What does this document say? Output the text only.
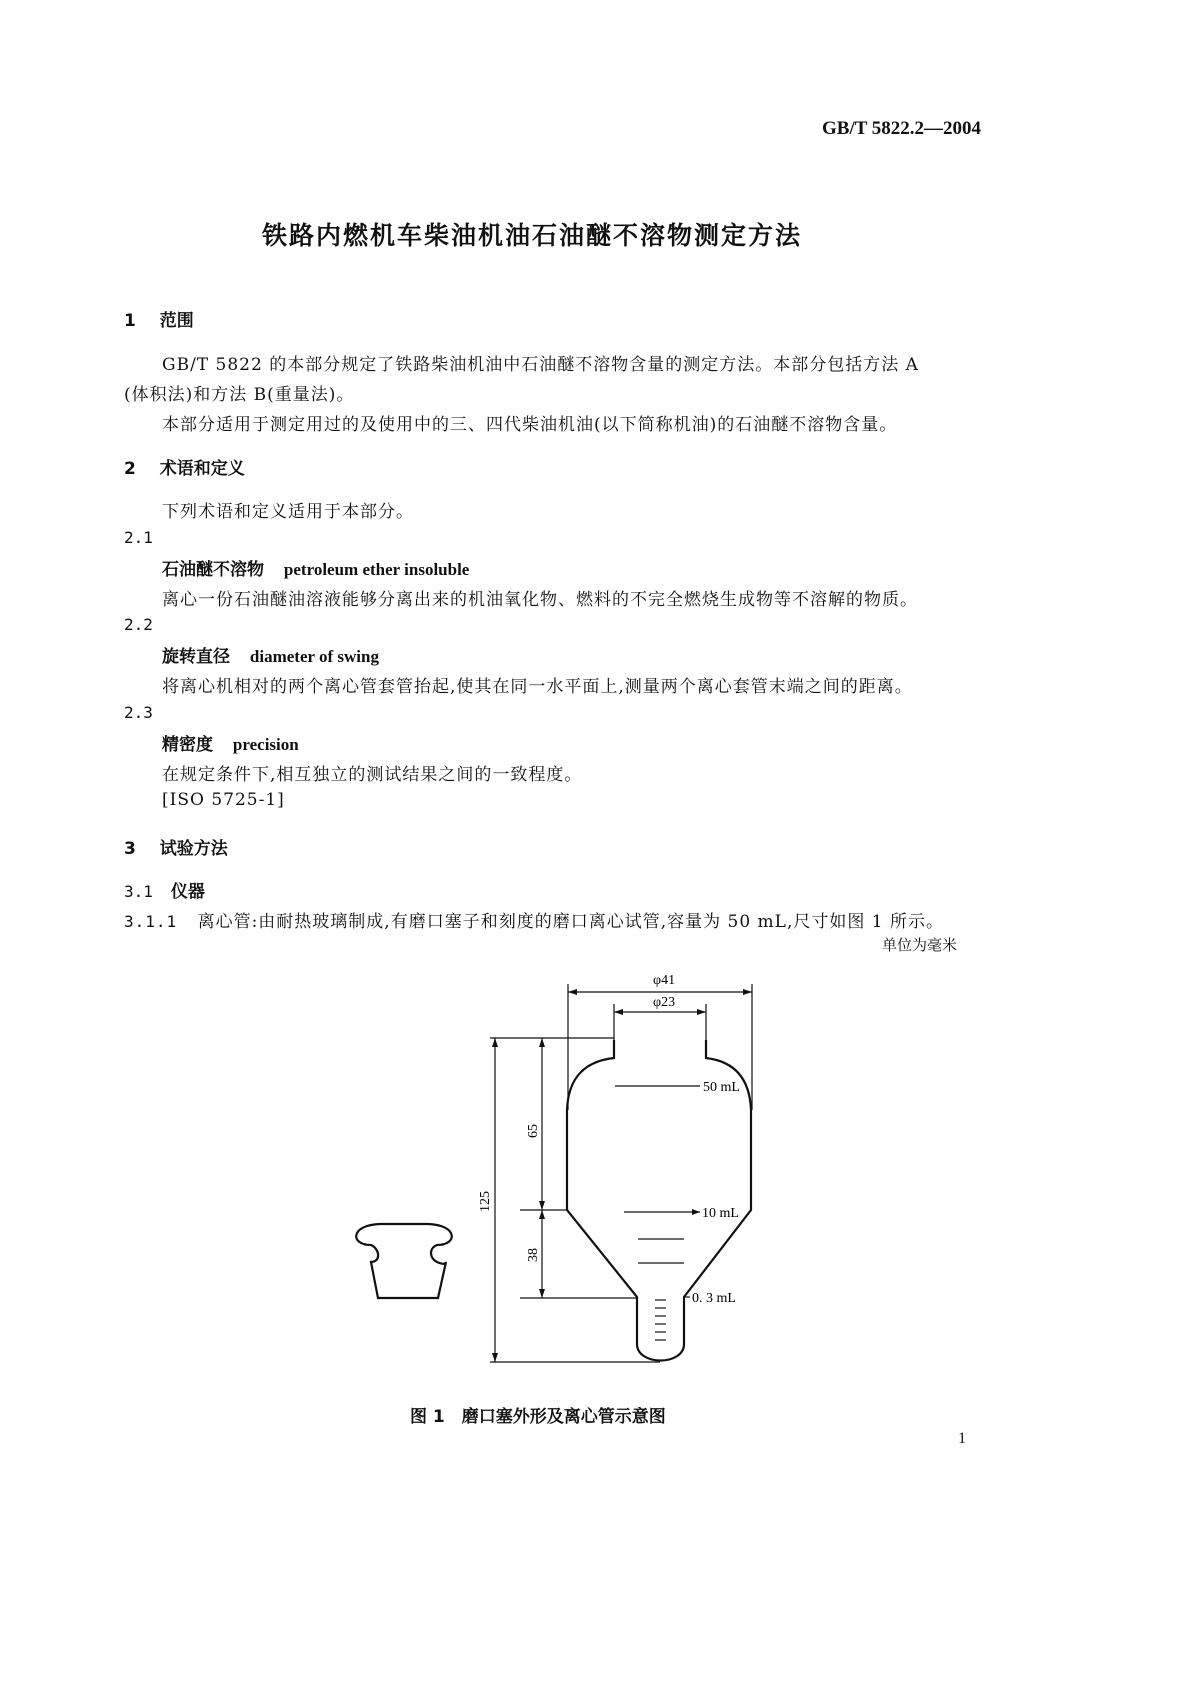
GB/T 5822.2—2004
铁路内燃机车柴油机油石油醚不溶物测定方法
1 范围
GB/T 5822 的本部分规定了铁路柴油机油中石油醚不溶物含量的测定方法。本部分包括方法 A
(体积法)和方法 B(重量法)。
本部分适用于测定用过的及使用中的三、四代柴油机油(以下简称机油)的石油醚不溶物含量。
2 术语和定义
下列术语和定义适用于本部分。
2.1
石油醚不溶物 petroleum ether insoluble
离心一份石油醚油溶液能够分离出来的机油氧化物、燃料的不完全燃烧生成物等不溶解的物质。
2.2
旋转直径 diameter of swing
将离心机相对的两个离心管套管抬起,使其在同一水平面上,测量两个离心套管末端之间的距离。
2.3
精密度 precision
在规定条件下,相互独立的测试结果之间的一致程度。
[ISO 5725-1]
3 试验方法
3.1 仪器
3.1.1 离心管:由耐热玻璃制成,有磨口塞子和刻度的磨口离心试管,容量为 50 mL,尺寸如图 1 所示。
单位为毫米
φ41
φ23
125
65
38
50 mL
10 mL
0. 3 mL
图 1　磨口塞外形及离心管示意图
1
